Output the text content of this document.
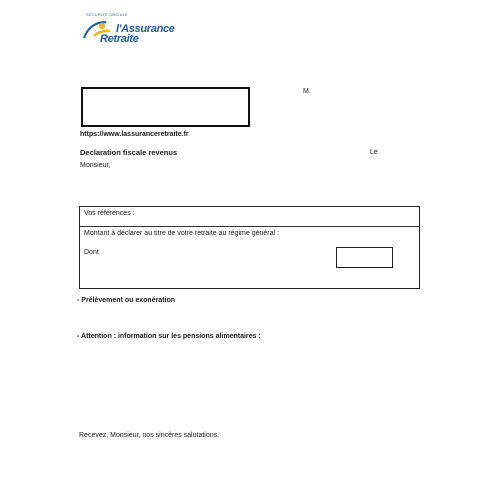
SÉCURITÉ SOCIALE
l'Assurance
Retraite
M.
https://www.lassuranceretraite.fr
Declaration fiscale revenus	Le
Monsieur,
Vos références :
Montant à déclarer au titre de votre retraite au régime général :
Dont
- Prélèvement ou exonération
- Attention : information sur les pensions alimentaires :
Recevez, Monsieur, nos sincères salutations.
